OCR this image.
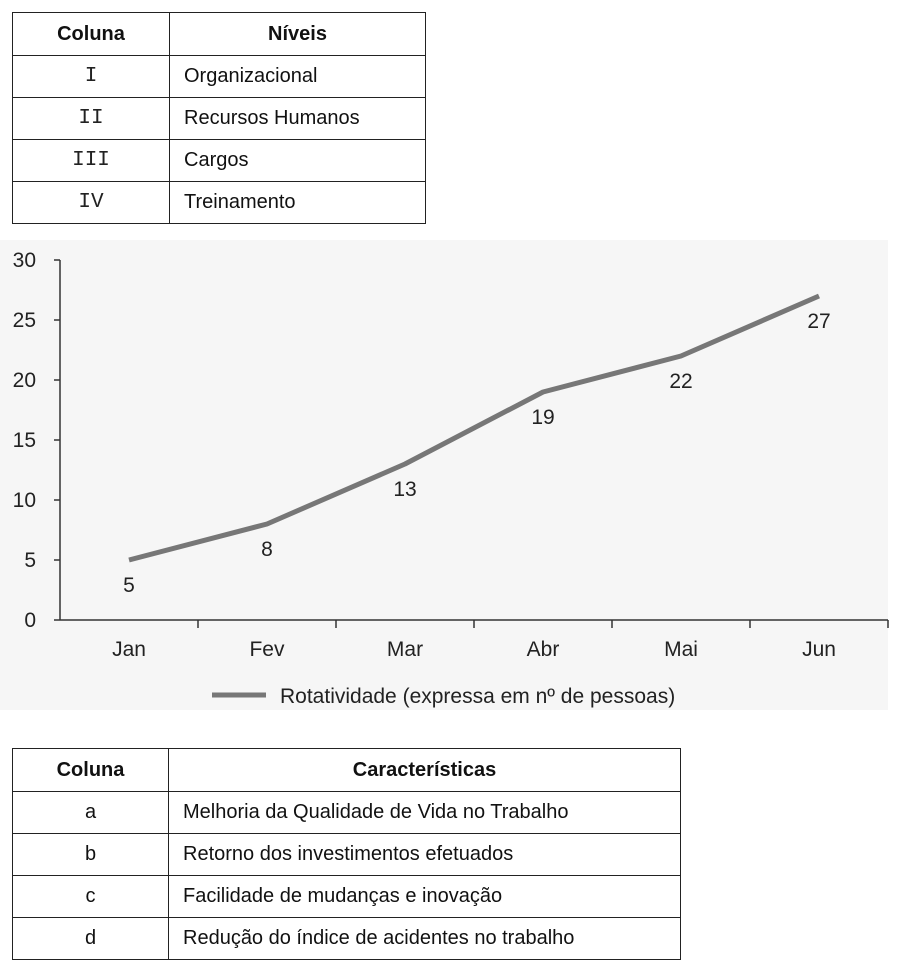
Coluna	Níveis
I	Organizacional
II	Recursos Humanos
III	Cargos
IV	Treinamento
0
5
10
15
20
25
30
Jan	Fev	Mar	Abr	Mai	Jun
5
8
13
19
22
27
Rotatividade (expressa em nº de pessoas)
Coluna	Características
a	Melhoria da Qualidade de Vida no Trabalho
b	Retorno dos investimentos efetuados
c	Facilidade de mudanças e inovação
d	Redução do índice de acidentes no trabalho
